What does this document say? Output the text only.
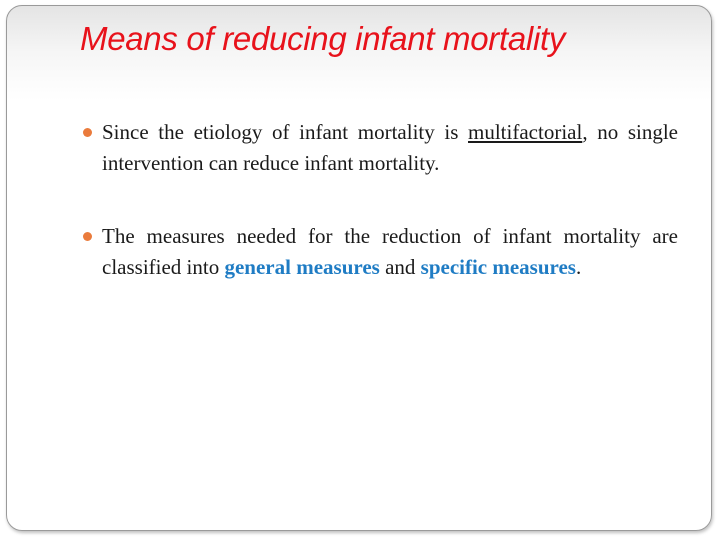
Means of reducing infant mortality
Since the etiology of infant mortality is multifactorial, no single intervention can reduce infant mortality.
The measures needed for the reduction of infant mortality are classified into general measures and specific measures.
